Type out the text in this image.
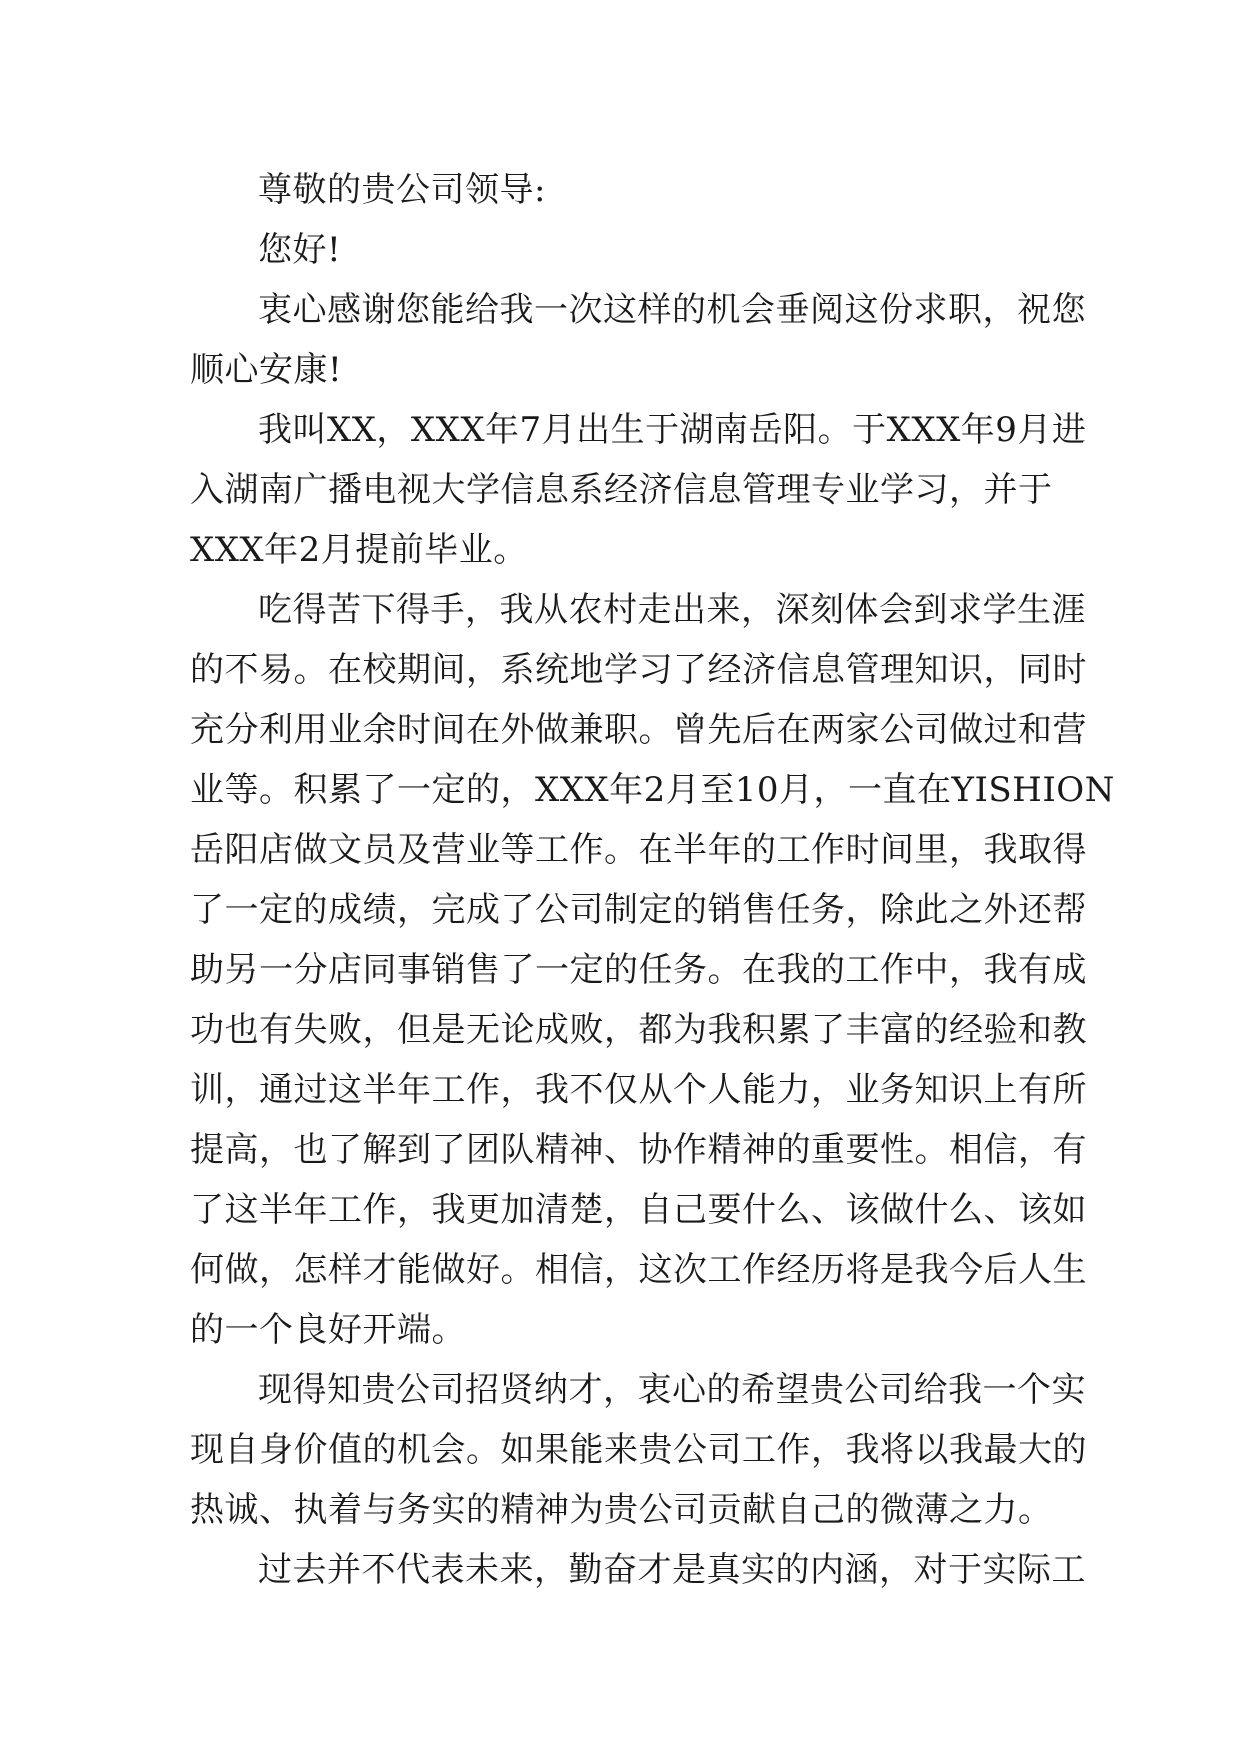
尊敬的贵公司领导:
您好!
衷心感谢您能给我一次这样的机会垂阅这份求职，祝您
顺心安康!
我叫XX，XXX年7月出生于湖南岳阳。于XXX年9月进
入湖南广播电视大学信息系经济信息管理专业学习，并于
XXX年2月提前毕业。
吃得苦下得手，我从农村走出来，深刻体会到求学生涯
的不易。在校期间，系统地学习了经济信息管理知识，同时
充分利用业余时间在外做兼职。曾先后在两家公司做过和营
业等。积累了一定的，XXX年2月至10月，一直在YISHION
岳阳店做文员及营业等工作。在半年的工作时间里，我取得
了一定的成绩，完成了公司制定的销售任务，除此之外还帮
助另一分店同事销售了一定的任务。在我的工作中，我有成
功也有失败，但是无论成败，都为我积累了丰富的经验和教
训，通过这半年工作，我不仅从个人能力，业务知识上有所
提高，也了解到了团队精神、协作精神的重要性。相信，有
了这半年工作，我更加清楚，自己要什么、该做什么、该如
何做，怎样才能做好。相信，这次工作经历将是我今后人生
的一个良好开端。
现得知贵公司招贤纳才，衷心的希望贵公司给我一个实
现自身价值的机会。如果能来贵公司工作，我将以我最大的
热诚、执着与务实的精神为贵公司贡献自己的微薄之力。
过去并不代表未来，勤奋才是真实的内涵，对于实际工
